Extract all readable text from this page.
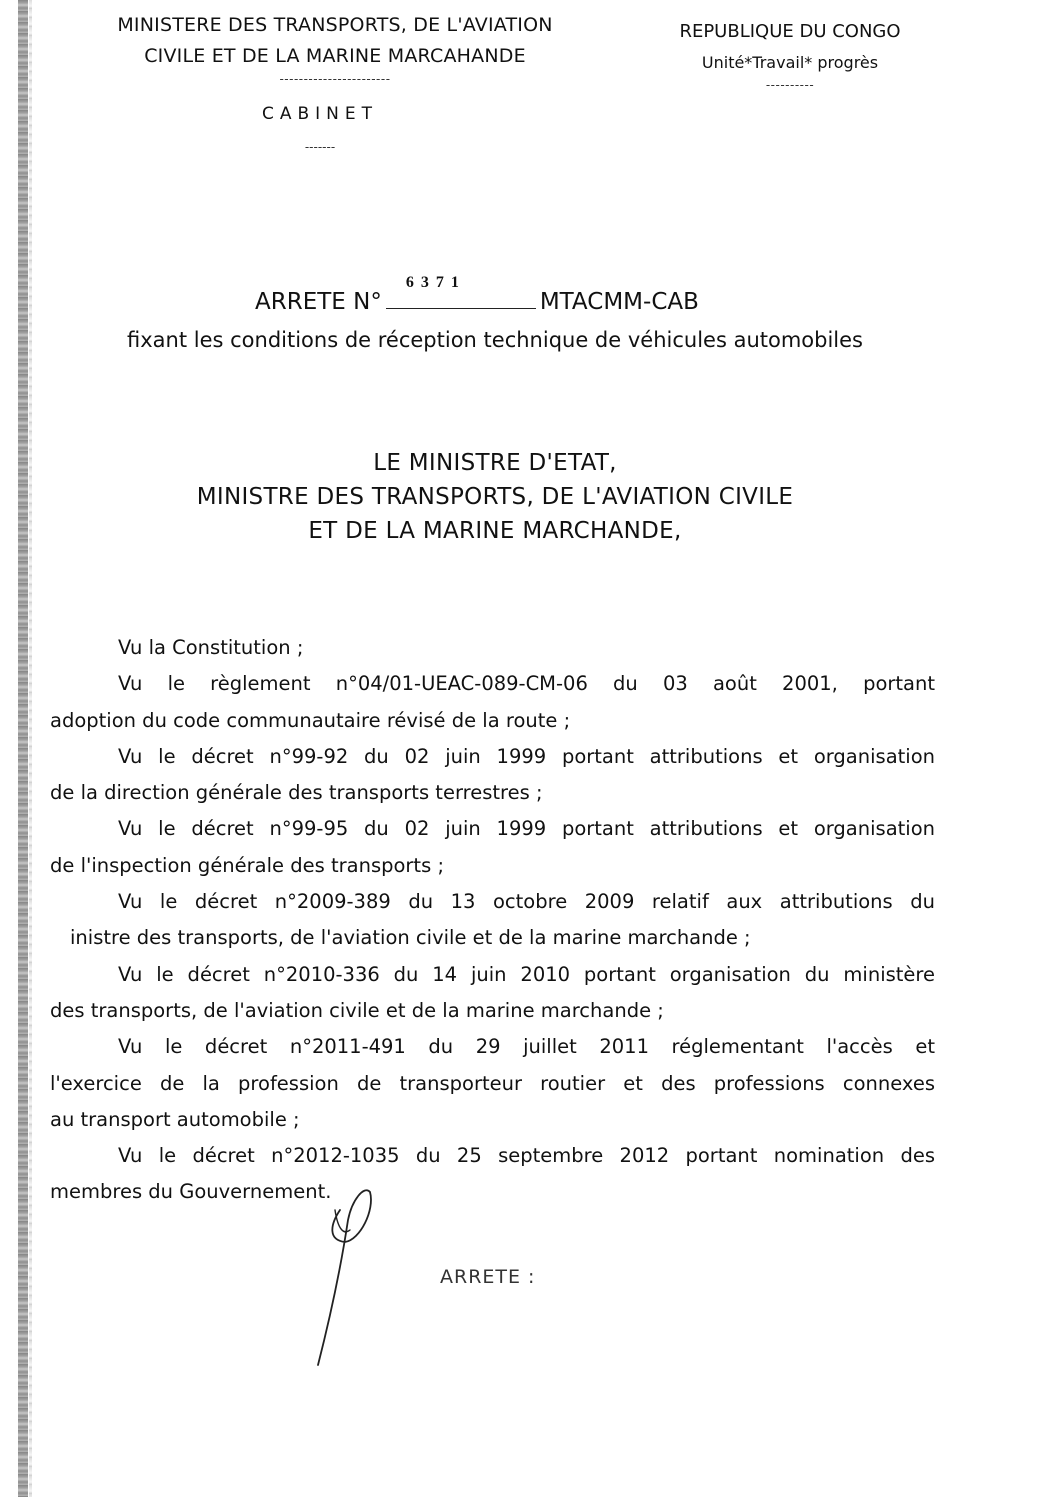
MINISTERE DES TRANSPORTS, DE L'AVIATION
CIVILE ET DE LA MARINE MARCAHANDE
-----------------------
REPUBLIQUE DU CONGO
Unité*Travail* progrès
----------
CABINET
-------
ARRETE N°
6371
MTACMM-CAB
fixant les conditions de réception technique de véhicules automobiles
LE MINISTRE D'ETAT,
MINISTRE DES TRANSPORTS, DE L'AVIATION CIVILE
ET DE LA MARINE MARCHANDE,
Vu la Constitution ;
Vu le règlement n°04/01-UEAC-089-CM-06 du 03 août 2001, portant
adoption du code communautaire révisé de la route ;
Vu le décret n°99-92 du 02 juin 1999 portant attributions et organisation
de la direction générale des transports terrestres ;
Vu le décret n°99-95 du 02 juin 1999 portant attributions et organisation
de l'inspection générale des transports ;
Vu le décret n°2009-389 du 13 octobre 2009 relatif aux attributions du
inistre des transports, de l'aviation civile et de la marine marchande ;
Vu le décret n°2010-336 du 14 juin 2010 portant organisation du ministère
des transports, de l'aviation civile et de la marine marchande ;
Vu le décret n°2011-491 du 29 juillet 2011 réglementant l'accès et
l'exercice de la profession de transporteur routier et des professions connexes
au transport automobile ;
Vu le décret n°2012-1035 du 25 septembre 2012 portant nomination des
membres du Gouvernement.
ARRETE :
